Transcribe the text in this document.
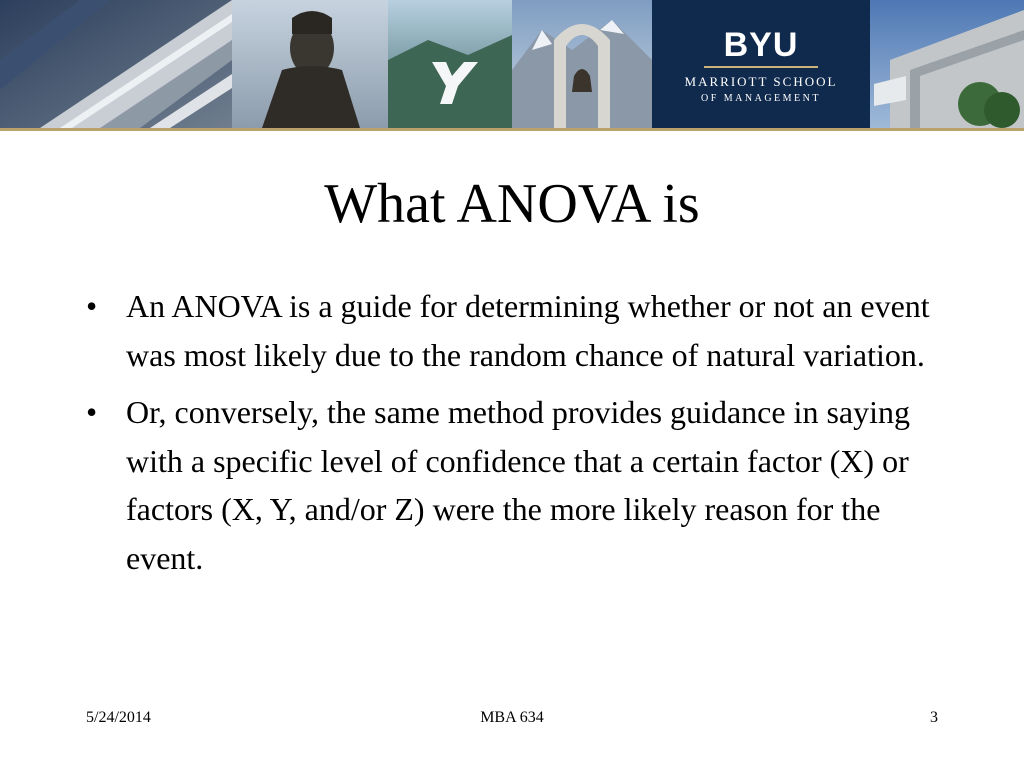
BYU
MARRIOTT SCHOOL
OF MANAGEMENT
What ANOVA is
• An ANOVA is a guide for determining whether or not an event was most likely due to the random chance of natural variation.
• Or, conversely, the same method provides guidance in saying with a specific level of confidence that a certain factor (X) or factors (X, Y, and/or Z) were the more likely reason for the event.
MBA 634
5/24/2014	3
